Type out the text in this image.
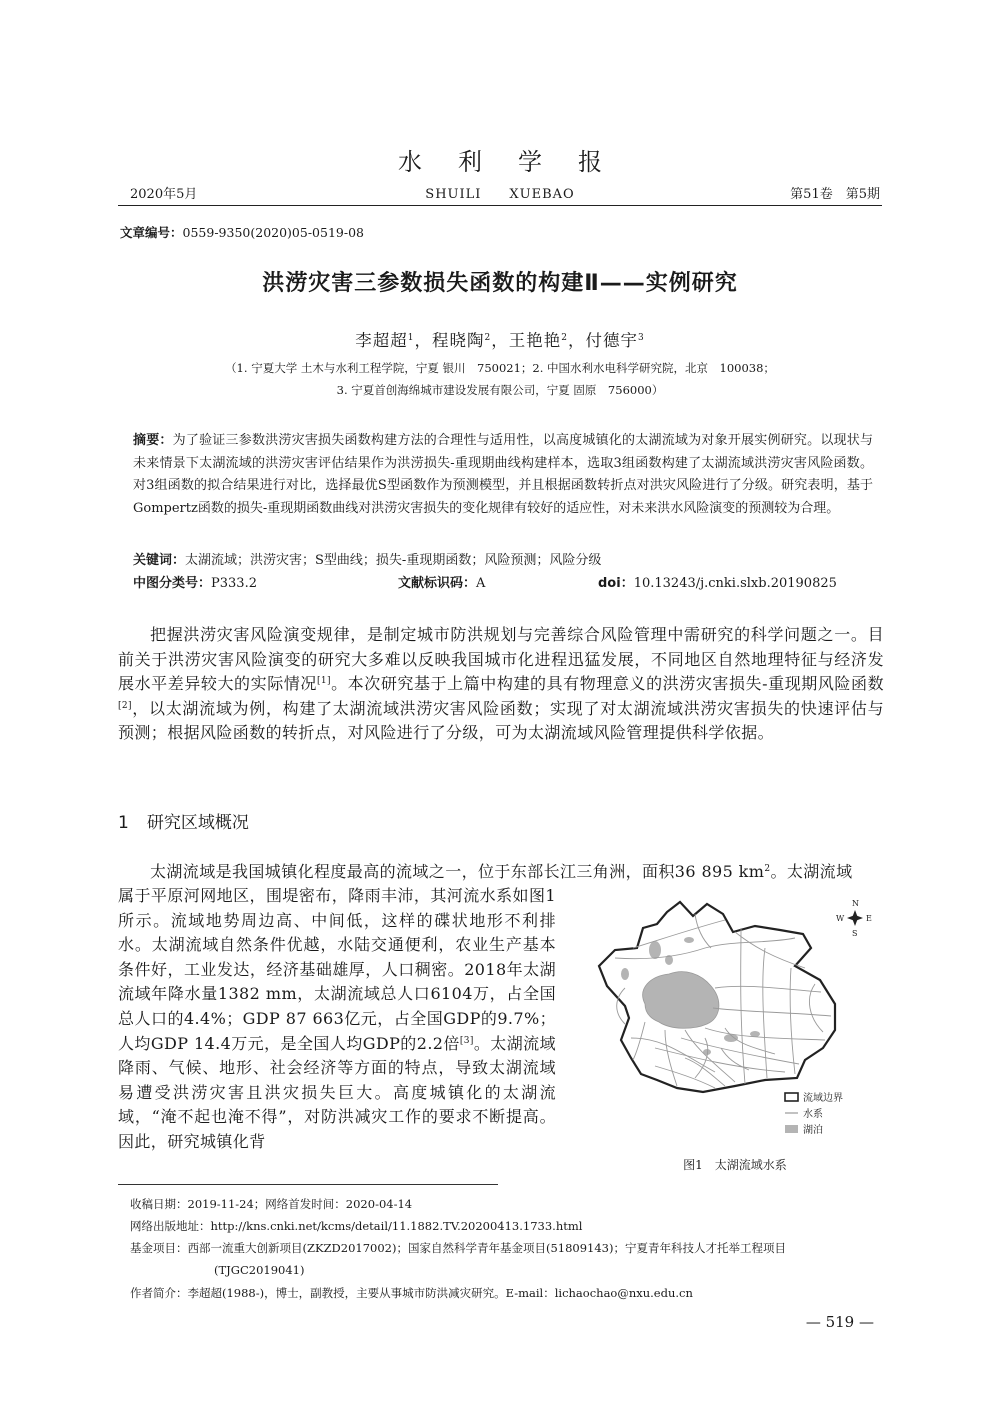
水利学报
2020年5月	SHUILI　　XUEBAO	第51卷　第5期
文章编号：0559-9350(2020)05-0519-08
洪涝灾害三参数损失函数的构建Ⅱ——实例研究
李超超$^1$，程晓陶$^2$，王艳艳$^2$，付德宇$^3$
（1. 宁夏大学 土木与水利工程学院，宁夏 银川　750021；2. 中国水利水电科学研究院，北京　100038；
3. 宁夏首创海绵城市建设发展有限公司，宁夏 固原　756000）
摘要：为了验证三参数洪涝灾害损失函数构建方法的合理性与适用性，以高度城镇化的太湖流域为对象开展实例研究。以现状与未来情景下太湖流域的洪涝灾害评估结果作为洪涝损失-重现期曲线构建样本，选取3组函数构建了太湖流域洪涝灾害风险函数。对3组函数的拟合结果进行对比，选择最优S型函数作为预测模型，并且根据函数转折点对洪灾风险进行了分级。研究表明，基于Gompertz函数的损失-重现期函数曲线对洪涝灾害损失的变化规律有较好的适应性，对未来洪水风险演变的预测较为合理。
关键词：太湖流域；洪涝灾害；S型曲线；损失-重现期函数；风险预测；风险分级
中图分类号：P333.2	文献标识码：A	doi：10.13243/j.cnki.slxb.20190825
把握洪涝灾害风险演变规律，是制定城市防洪规划与完善综合风险管理中需研究的科学问题之一。目前关于洪涝灾害风险演变的研究大多难以反映我国城市化进程迅猛发展，不同地区自然地理特征与经济发展水平差异较大的实际情况[1]。本次研究基于上篇中构建的具有物理意义的洪涝灾害损失-重现期风险函数[2]，以太湖流域为例，构建了太湖流域洪涝灾害风险函数；实现了对太湖流域洪涝灾害损失的快速评估与预测；根据风险函数的转折点，对风险进行了分级，可为太湖流域风险管理提供科学依据。
1 研究区域概况
太湖流域是我国城镇化程度最高的流域之一，位于东部长江三角洲，面积36 895 $km^2$。太湖流域
属于平原河网地区，围堤密布，降雨丰沛，其河流水系如图1所示。流域地势周边高、中间低，这样的碟状地形不利排水。太湖流域自然条件优越，水陆交通便利，农业生产基本条件好，工业发达，经济基础雄厚，人口稠密。2018年太湖流域年降水量1382 mm，太湖流域总人口6104万，占全国总人口的4.4%；GDP 87 663亿元，占全国GDP的9.7%；人均GDP 14.4万元，是全国人均GDP的2.2倍[3]。太湖流域降雨、气候、地形、社会经济等方面的特点，导致太湖流域易遭受洪涝灾害且洪灾损失巨大。高度城镇化的太湖流域，“淹不起也淹不得”，对防洪减灾工作的要求不断提高。因此，研究城镇化背
N
S
E
W
流域边界
水系
湖泊
图1　太湖流域水系
收稿日期：2019-11-24；网络首发时间：2020-04-14
网络出版地址：http://kns.cnki.net/kcms/detail/11.1882.TV.20200413.1733.html
基金项目：西部一流重大创新项目(ZKZD2017002)；国家自然科学青年基金项目(51809143)；宁夏青年科技人才托举工程项目
(TJGC2019041)
作者简介：李超超(1988-)，博士，副教授，主要从事城市防洪减灾研究。E-mail：lichaochao@nxu.edu.cn
— 519 —
